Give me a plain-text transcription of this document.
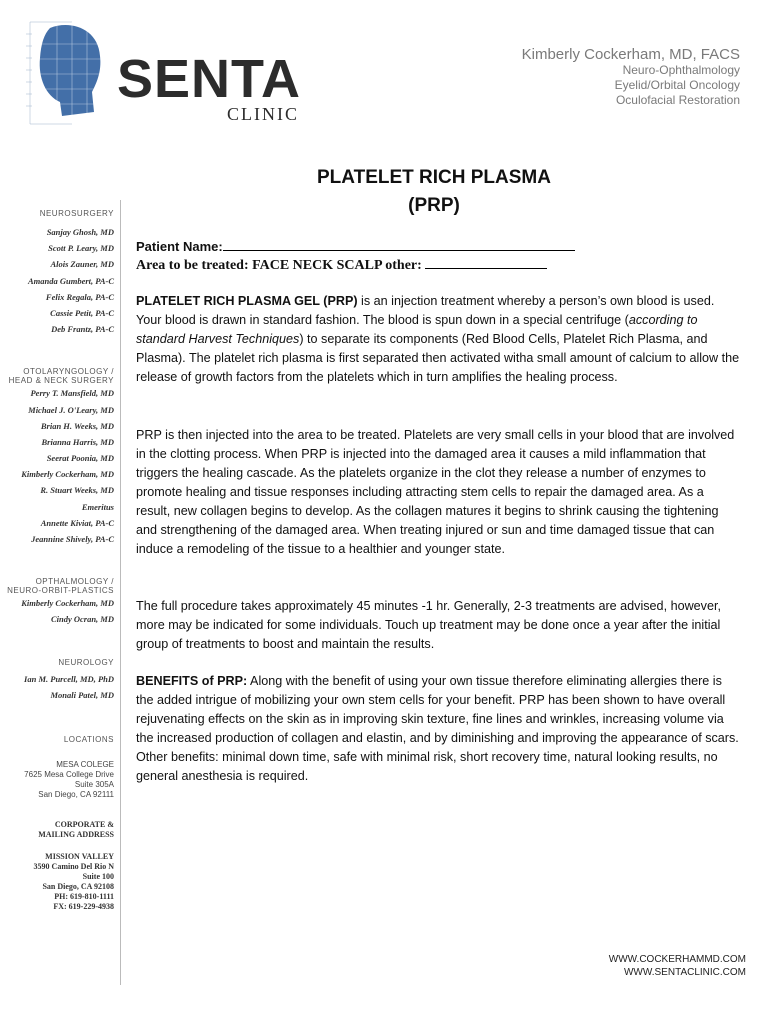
SENTA
CLINIC
Kimberly Cockerham, MD, FACS
Neuro-Ophthalmology
Eyelid/Orbital Oncology
Oculofacial Restoration
NEUROSURGERY
Sanjay Ghosh, MD
Scott P. Leary, MD
Alois Zauner, MD
Amanda Gumbert, PA-C
Felix Regala, PA-C
Cassie Petit, PA-C
Deb Frantz, PA-C
OTOLARYNGOLOGY /
HEAD & NECK SURGERY
Perry T. Mansfield, MD
Michael J. O'Leary, MD
Brian H. Weeks, MD
Brianna Harris, MD
Seerat Poonia, MD
Kimberly Cockerham, MD
R. Stuart Weeks, MD
Emeritus
Annette Kiviat, PA-C
Jeannine Shively, PA-C
OPTHALMOLOGY /
NEURO-ORBIT-PLASTICS
Kimberly Cockerham, MD
Cindy Ocran, MD
NEUROLOGY
Ian M. Purcell, MD, PhD
Monali Patel, MD
LOCATIONS
MESA COLEGE
7625 Mesa College Drive
Suite 305A
San Diego, CA 92111
CORPORATE &
MAILING ADDRESS
MISSION VALLEY
3590 Camino Del Rio N
Suite 100
San Diego, CA 92108
PH: 619-810-1111
FX: 619-229-4938
PLATELET RICH PLASMA
(PRP)
Patient Name:
Area to be treated: FACE NECK SCALP other:
PLATELET RICH PLASMA GEL (PRP) is an injection treatment whereby a person’s own blood is used. Your blood is drawn in standard fashion. The blood is spun down in a special centrifuge (according to standard Harvest Techniques) to separate its components (Red Blood Cells, Platelet Rich Plasma, and Plasma). The platelet rich plasma is first separated then activated witha small amount of calcium to allow the release of growth factors from the platelets which in turn amplifies the healing process.
PRP is then injected into the area to be treated. Platelets are very small cells in your blood that are involved in the clotting process. When PRP is injected into the damaged area it causes a mild inflammation that triggers the healing cascade. As the platelets organize in the clot they release a number of enzymes to promote healing and tissue responses including attracting stem cells to repair the damaged area. As a result, new collagen begins to develop. As the collagen matures it begins to shrink causing the tightening and strengthening of the damaged area. When treating injured or sun and time damaged tissue that can induce a remodeling of the tissue to a healthier and younger state.
The full procedure takes approximately 45 minutes -1 hr. Generally, 2-3 treatments are advised, however, more may be indicated for some individuals. Touch up treatment may be done once a year after the initial group of treatments to boost and maintain the results.
BENEFITS of PRP: Along with the benefit of using your own tissue therefore eliminating allergies there is the added intrigue of mobilizing your own stem cells for your benefit. PRP has been shown to have overall rejuvenating effects on the skin as in improving skin texture, fine lines and wrinkles, increasing volume via the increased production of collagen and elastin, and by diminishing and improving the appearance of scars. Other benefits: minimal down time, safe with minimal risk, short recovery time, natural looking results, no general anesthesia is required.
WWW.COCKERHAMMD.COM
WWW.SENTACLINIC.COM
